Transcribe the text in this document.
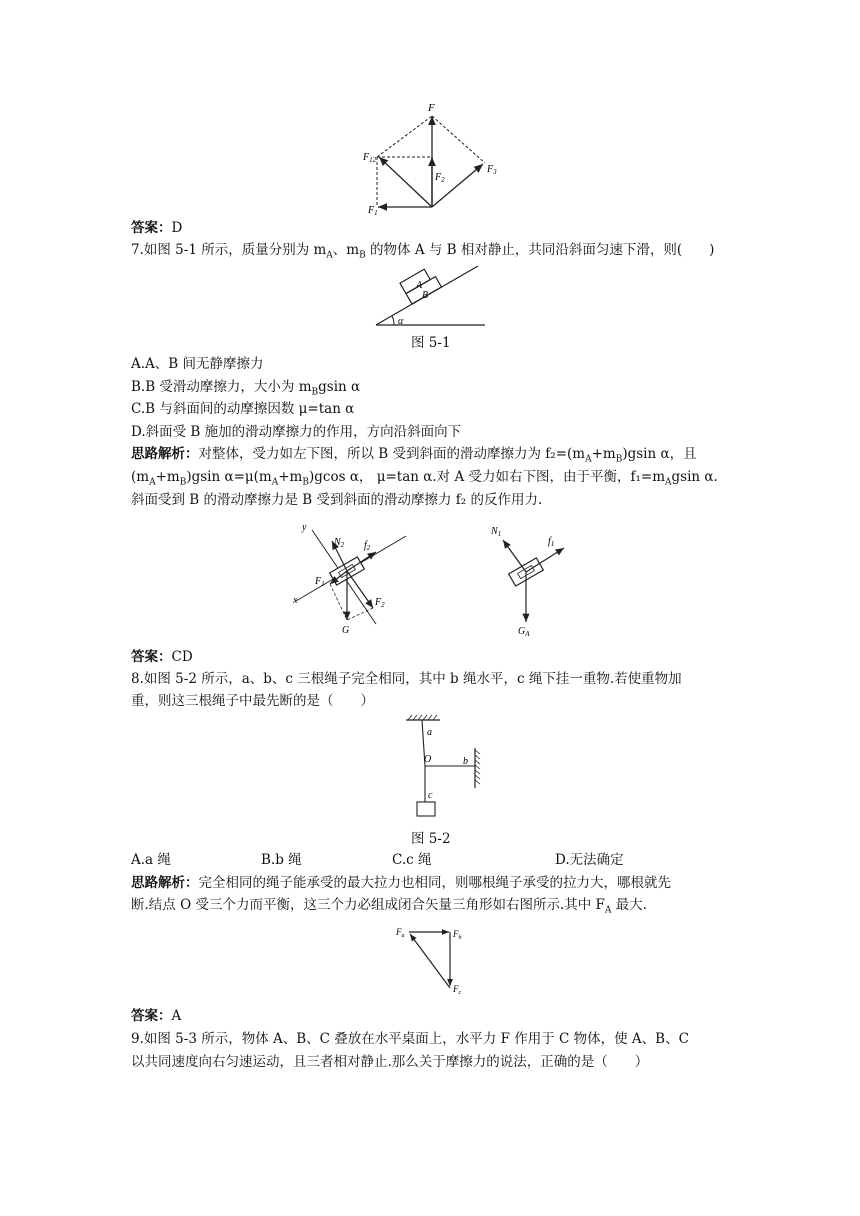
F
$F_{12}$
$F_2$
$F_3$
$F_1$
答案：D
7.如图 5-1 所示，质量分别为 $m_A$、$m_B$ 的物体 A 与 B 相对静止，共同沿斜面匀速下滑，则(　　)
A
B
α
图 5-1
A.A、B 间无静摩擦力
B.B 受滑动摩擦力，大小为 $m_Bgsin$ α
C.B 与斜面间的动摩擦因数 μ=tan α
D.斜面受 B 施加的滑动摩擦力的作用，方向沿斜面向下
思路解析：对整体，受力如左下图，所以 B 受到斜面的滑动摩擦力为 $f_2=(m_A+m_B)gsin$ α，且
$(m_A+m_B)gsin$ $\alpha=\mu(m_A+m_B)gcos$ α， μ=tan α.对 A 受力如右下图，由于平衡，$f_1=m_Agsin$ α.
斜面受到 B 的滑动摩擦力是 B 受到斜面的滑动摩擦力 f₂ 的反作用力.
y
x
$N_2$ $f_2$
$F_1$
$F_2$
G
$N_1$
$f_1$
$G_A$
答案：CD
8.如图 5-2 所示，a、b、c 三根绳子完全相同，其中 b 绳水平，c 绳下挂一重物.若使重物加
重，则这三根绳子中最先断的是（　　）
a
O	b
c
图 5-2
A.a 绳	B.b 绳	C.c 绳	D.无法确定
思路解析：完全相同的绳子能承受的最大拉力也相同，则哪根绳子承受的拉力大，哪根就先
断.结点 O 受三个力而平衡，这三个力必组成闭合矢量三角形如右图所示.其中 $F_A$ 最大.
$F_a$	$F_b$
$F_c$
答案：A
9.如图 5-3 所示，物体 A、B、C 叠放在水平桌面上，水平力 F 作用于 C 物体，使 A、B、C
以共同速度向右匀速运动，且三者相对静止.那么关于摩擦力的说法，正确的是（　　）
